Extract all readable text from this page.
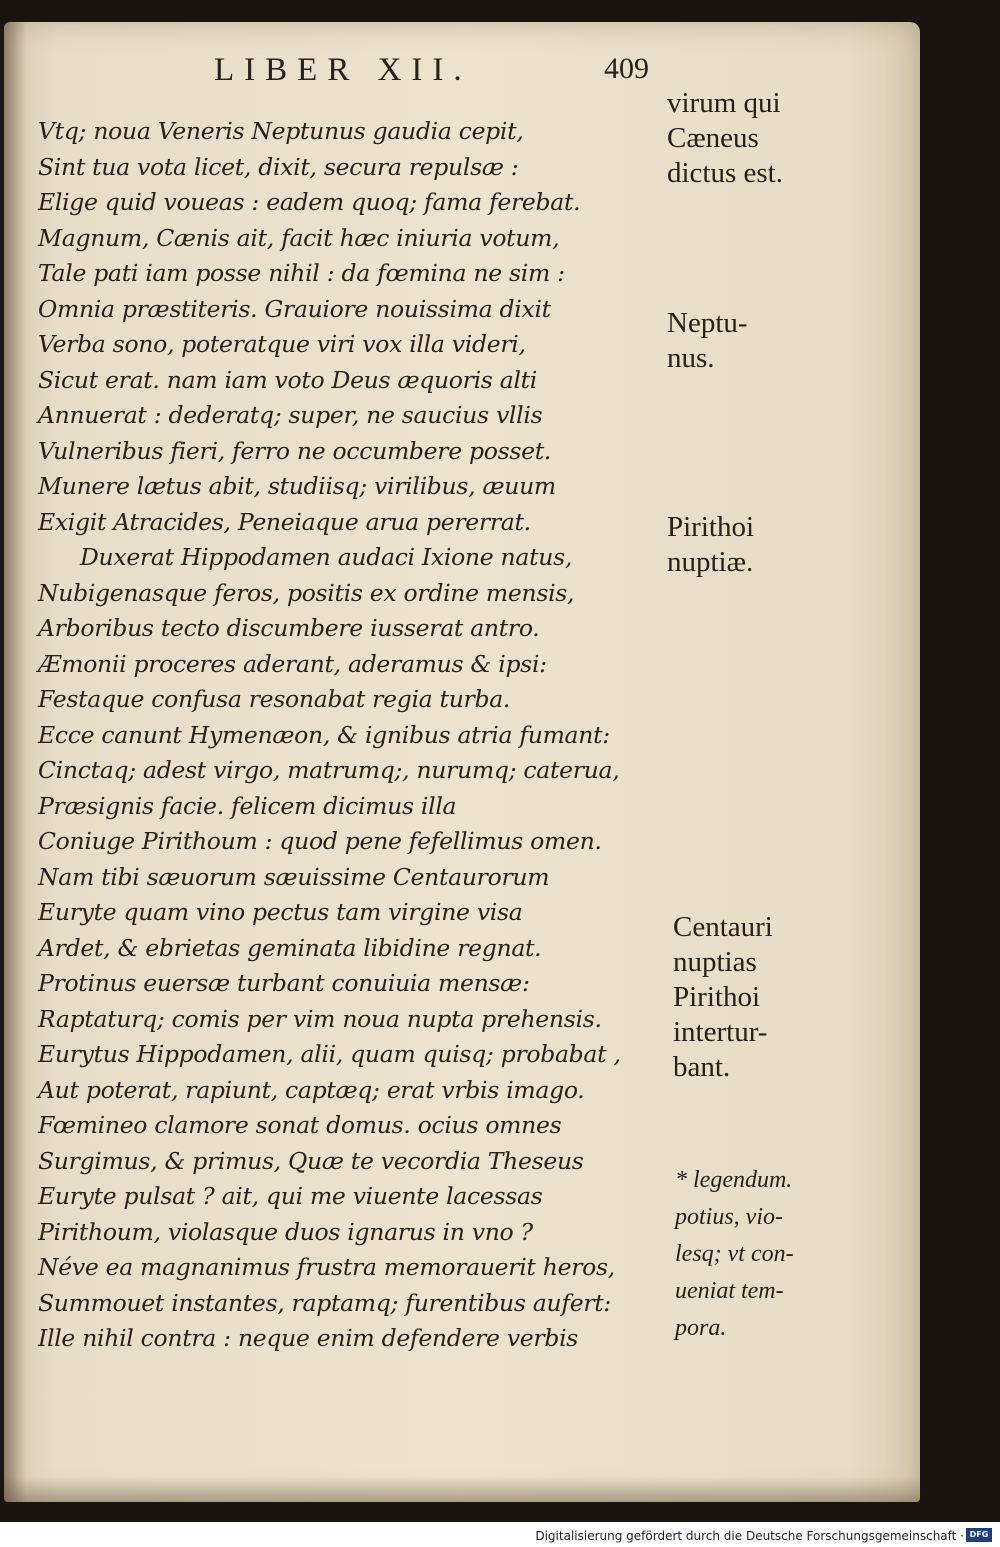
LIBER XII.	409
Vtq; noua Veneris Neptunus gaudia cepit,
Sint tua vota licet, dixit, secura repulsæ :
Elige quid voueas : eadem quoq; fama ferebat.
Magnum, Cænis ait, facit hæc iniuria votum,
Tale pati iam posse nihil : da fœmina ne sim :
Omnia præstiteris. Grauiore nouissima dixit
Verba sono, poteratque viri vox illa videri,
Sicut erat. nam iam voto Deus æquoris alti
Annuerat : dederatq; super, ne saucius vllis
Vulneribus fieri, ferro ne occumbere posset.
Munere lætus abit, studiisq; virilibus, æuum
Exigit Atracides, Peneiaque arua pererrat.
Duxerat Hippodamen audaci Ixione natus,
Nubigenasque feros, positis ex ordine mensis,
Arboribus tecto discumbere iusserat antro.
Æmonii proceres aderant, aderamus & ipsi:
Festaque confusa resonabat regia turba.
Ecce canunt Hymenæon, & ignibus atria fumant:
Cinctaq; adest virgo, matrumq;, nurumq; caterua,
Præsignis facie. felicem dicimus illa
Coniuge Pirithoum : quod pene fefellimus omen.
Nam tibi sæuorum sæuissime Centaurorum
Euryte quam vino pectus tam virgine visa
Ardet, & ebrietas geminata libidine regnat.
Protinus euersæ turbant conuiuia mensæ:
Raptaturq; comis per vim noua nupta prehensis.
Eurytus Hippodamen, alii, quam quisq; probabat ,
Aut poterat, rapiunt, captæq; erat vrbis imago.
Fœmineo clamore sonat domus. ocius omnes
Surgimus, & primus, Quæ te vecordia Theseus
Euryte pulsat ? ait, qui me viuente lacessas
Pirithoum, violasque duos ignarus in vno ?
Néve ea magnanimus frustra memorauerit heros,
Summouet instantes, raptamq; furentibus aufert:
Ille nihil contra : neque enim defendere verbis
virum qui
Cæneus
dictus est.
Neptu-
nus.
Pirithoi
nuptiæ.
Centauri
nuptias
Pirithoi
intertur-
bant.
* legendum.
potius, vio-
lesq; vt con-
ueniat tem-
pora.
Digitalisierung gefördert durch die Deutsche Forschungsgemeinschaft · DFG
